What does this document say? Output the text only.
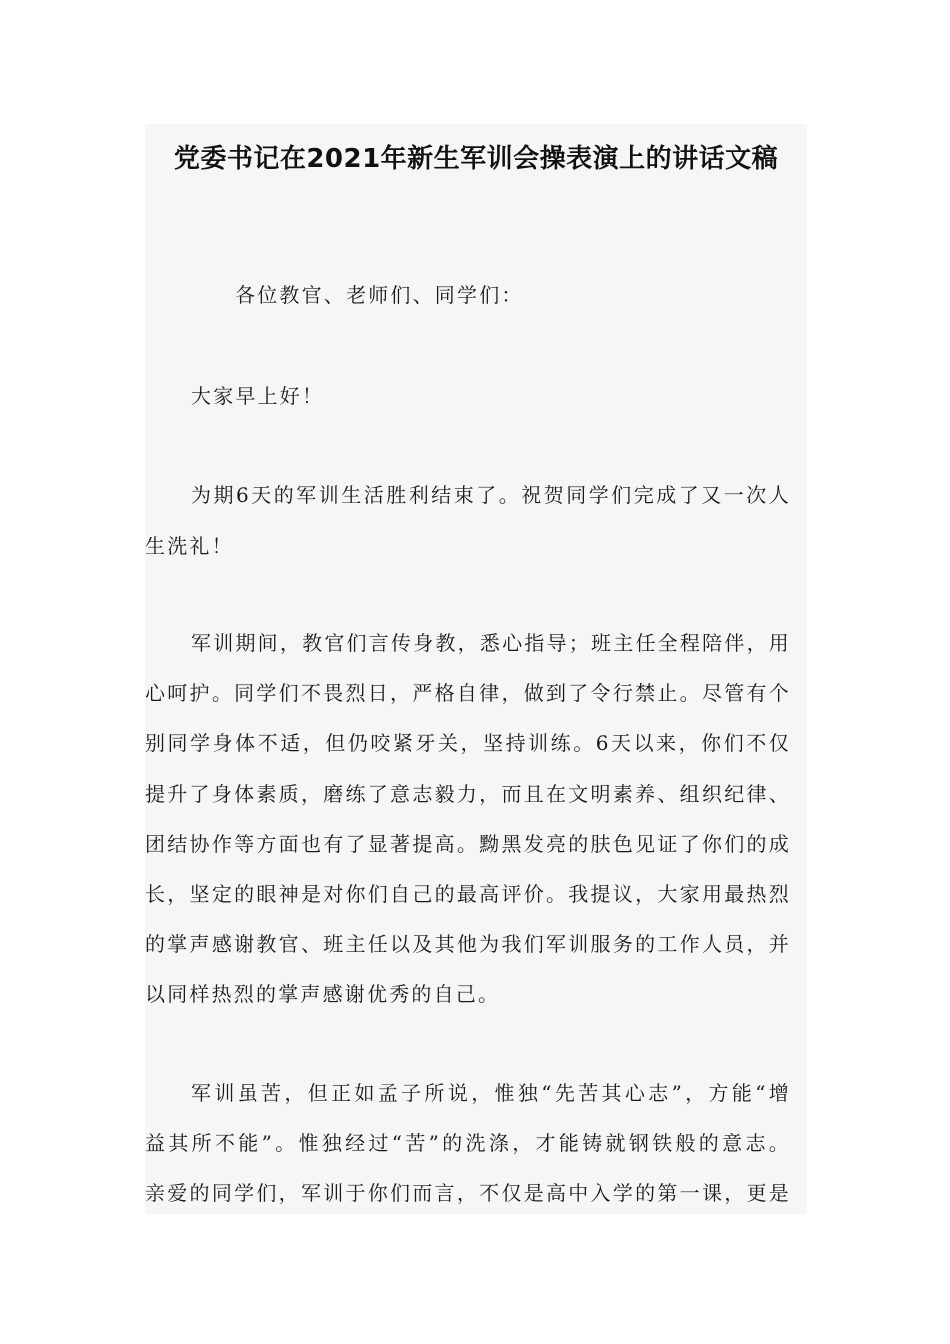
党委书记在2021年新生军训会操表演上的讲话文稿
各位教官、老师们、同学们：
大家早上好！
为期6天的军训生活胜利结束了。祝贺同学们完成了又一次人
生洗礼！
军训期间，教官们言传身教，悉心指导；班主任全程陪伴，用
心呵护。同学们不畏烈日，严格自律，做到了令行禁止。尽管有个
别同学身体不适，但仍咬紧牙关，坚持训练。6天以来，你们不仅
提升了身体素质，磨练了意志毅力，而且在文明素养、组织纪律、
团结协作等方面也有了显著提高。黝黑发亮的肤色见证了你们的成
长，坚定的眼神是对你们自己的最高评价。我提议，大家用最热烈
的掌声感谢教官、班主任以及其他为我们军训服务的工作人员，并
以同样热烈的掌声感谢优秀的自己。
军训虽苦，但正如孟子所说，惟独“先苦其心志”，方能“增
益其所不能”。惟独经过“苦”的洗涤，才能铸就钢铁般的意志。
亲爱的同学们，军训于你们而言，不仅是高中入学的第一课，更是
